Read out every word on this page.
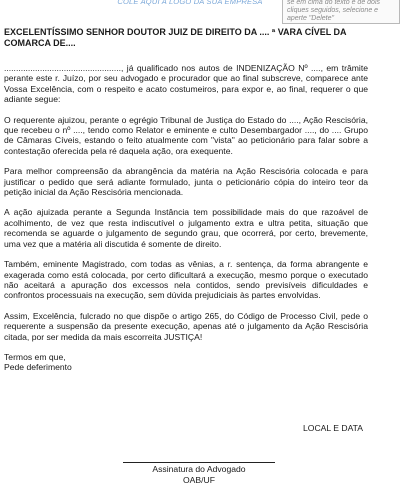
COLE AQUI A LOGO DA SUA EMPRESA	se em cima do texto e dê dois cliques seguidos, selecione e aperte "Delete"

EXCELENTÍSSIMO SENHOR DOUTOR JUIZ DE DIREITO DA .... ª VARA CÍVEL DA COMARCA DE....

................................................., já qualificado nos autos de INDENIZAÇÃO Nº ...., em trâmite perante este r. Juízo, por seu advogado e procurador que ao final subscreve, comparece ante Vossa Excelência, com o respeito e acato costumeiros, para expor e, ao final, requerer o que adiante segue:

O requerente ajuizou, perante o egrégio Tribunal de Justiça do Estado do ...., Ação Rescisória, que recebeu o nº ...., tendo como Relator e eminente e culto Desembargador ...., do .... Grupo de Câmaras Cíveis, estando o feito atualmente com "vista" ao peticionário para falar sobre a contestação oferecida pela ré daquela ação, ora exequente.

Para melhor compreensão da abrangência da matéria na Ação Rescisória colocada e para justificar o pedido que será adiante formulado, junta o peticionário cópia do inteiro teor da petição inicial da Ação Rescisória mencionada.

A ação ajuizada perante a Segunda Instância tem possibilidade mais do que razoável de acolhimento, de vez que resta indiscutível o julgamento extra e ultra petita, situação que recomenda se aguarde o julgamento de segundo grau, que ocorrerá, por certo, brevemente, uma vez que a matéria ali discutida é somente de direito.

Também, eminente Magistrado, com todas as vênias, a r. sentença, da forma abrangente e exagerada como está colocada, por certo dificultará a execução, mesmo porque o executado não aceitará a apuração dos excessos nela contidos, sendo previsíveis dificuldades e confrontos processuais na execução, sem dúvida prejudiciais às partes envolvidas.

Assim, Excelência, fulcrado no que dispõe o artigo 265, do Código de Processo Civil, pede o requerente a suspensão da presente execução, apenas até o julgamento da Ação Rescisória citada, por ser medida da mais escorreita JUSTIÇA!

Termos em que,
Pede deferimento
LOCAL E DATA
Assinatura do Advogado
OAB/UF
